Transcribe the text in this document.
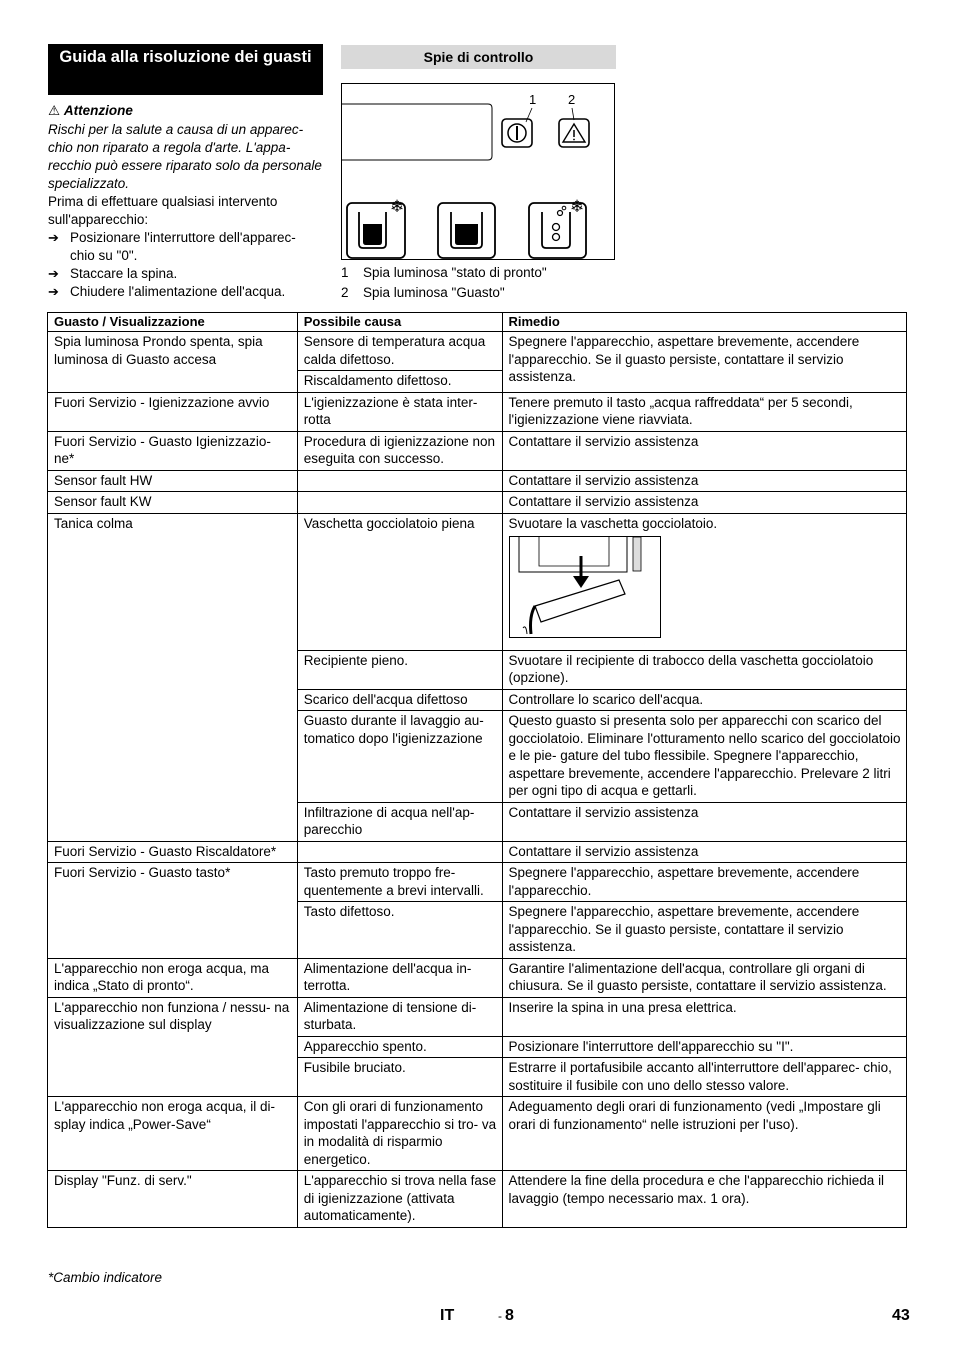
Guida alla risoluzione dei guasti

⚠ Attenzione

Rischi per la salute a causa di un apparec- chio non riparato a regola d'arte. L'appa- recchio può essere riparato solo da personale specializzato.

Prima di effettuare qualsiasi intervento sull'apparecchio:

➔ Posizionare l'interruttore dell'apparec- chio su "0".
➔ Staccare la spina.
➔ Chiudere l'alimentazione dell'acqua.
Spie di controllo
1 2
❄	❄
1 Spia luminosa "stato di pronto"
2 Spia luminosa "Guasto"
Guasto / Visualizzazione	Possibile causa	Rimedio
Spia luminosa Prondo spenta, spia luminosa di Guasto accesa	Sensore di temperatura acqua calda difettoso.	Spegnere l'apparecchio, aspettare brevemente, accendere l'apparecchio. Se il guasto persiste, contattare il servizio assistenza.
	Riscaldamento difettoso.	
Fuori Servizio - Igienizzazione avvio	L'igienizzazione è stata inter- rotta	Tenere premuto il tasto „acqua raffreddata“ per 5 secondi, l'igienizzazione viene riavviata.
Fuori Servizio - Guasto Igienizzazio- ne*	Procedura di igienizzazione non eseguita con successo.	Contattare il servizio assistenza
Sensor fault HW		Contattare il servizio assistenza
Sensor fault KW		Contattare il servizio assistenza
Tanica colma	Vaschetta gocciolatoio piena	Svuotare la vaschetta gocciolatoio.

	Recipiente pieno.	Svuotare il recipiente di trabocco della vaschetta gocciolatoio (opzione).
	Scarico dell'acqua difettoso	Controllare lo scarico dell'acqua.
	Guasto durante il lavaggio au- tomatico dopo l'igienizzazione	Questo guasto si presenta solo per apparecchi con scarico del gocciolatoio. Eliminare l'otturamento nello scarico del gocciolatoio e le pie- gature del tubo flessibile. Spegnere l'apparecchio, aspettare brevemente, accendere l'apparecchio. Prelevare 2 litri per ogni tipo di acqua e gettarli.
	Infiltrazione di acqua nell'ap- parecchio	Contattare il servizio assistenza
Fuori Servizio - Guasto Riscaldatore*		Contattare il servizio assistenza
Fuori Servizio - Guasto tasto*	Tasto premuto troppo fre- quentemente a brevi intervalli.	Spegnere l'apparecchio, aspettare brevemente, accendere l'apparecchio.
	Tasto difettoso.	Spegnere l'apparecchio, aspettare brevemente, accendere l'apparecchio. Se il guasto persiste, contattare il servizio assistenza.
L'apparecchio non eroga acqua, ma indica „Stato di pronto“.	Alimentazione dell'acqua in- terrotta.	Garantire l'alimentazione dell'acqua, controllare gli organi di chiusura. Se il guasto persiste, contattare il servizio assistenza.
L'apparecchio non funziona / nessu- na visualizzazione sul display	Alimentazione di tensione di- sturbata.	Inserire la spina in una presa elettrica.
	Apparecchio spento.	Posizionare l'interruttore dell'apparecchio su "I".
	Fusibile bruciato.	Estrarre il portafusibile accanto all'interruttore dell'apparec- chio, sostituire il fusibile con uno dello stesso valore.
L'apparecchio non eroga acqua, il di- splay indica „Power-Save“	Con gli orari di funzionamento impostati l'apparecchio si tro- va in modalità di risparmio energetico.	Adeguamento degli orari di funzionamento (vedi „Impostare gli orari di funzionamento“ nelle istruzioni per l'uso).
Display "Funz. di serv."	L'apparecchio si trova nella fase di igienizzazione (attivata automaticamente).	Attendere la fine della procedura e che l'apparecchio richieda il lavaggio (tempo necessario max. 1 ora).
*Cambio indicatore
IT	- 8	43
